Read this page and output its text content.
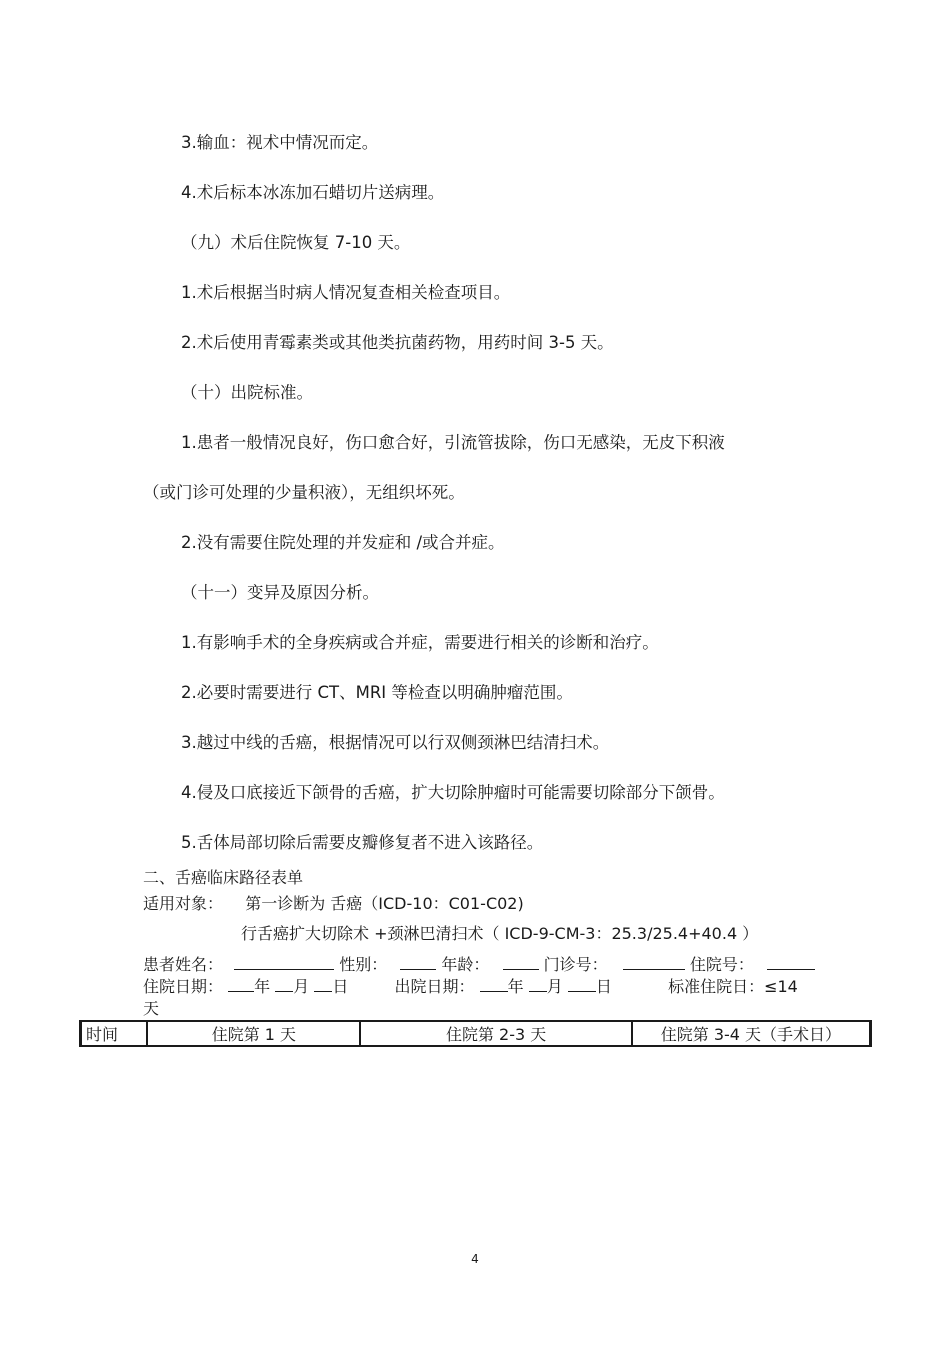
3.输血：视术中情况而定。
4.术后标本冰冻加石蜡切片送病理。
（九）术后住院恢复 7-10 天。
1.术后根据当时病人情况复查相关检查项目。
2.术后使用青霉素类或其他类抗菌药物，用药时间 3-5 天。
（十）出院标准。
1.患者一般情况良好，伤口愈合好，引流管拔除，伤口无感染，无皮下积液
（或门诊可处理的少量积液），无组织坏死。
2.没有需要住院处理的并发症和 /或合并症。
（十一）变异及原因分析。
1.有影响手术的全身疾病或合并症，需要进行相关的诊断和治疗。
2.必要时需要进行 CT、MRI 等检查以明确肿瘤范围。
3.越过中线的舌癌，根据情况可以行双侧颈淋巴结清扫术。
4.侵及口底接近下颌骨的舌癌，扩大切除肿瘤时可能需要切除部分下颌骨。
5.舌体局部切除后需要皮瓣修复者不进入该路径。
二、舌癌临床路径表单
适用对象： 第一诊断为 舌癌（ICD-10：C01-C02)
行舌癌扩大切除术 +颈淋巴清扫术（ ICD-9-CM-3：25.3/25.4+40.4 ）
患者姓名：	性别：	年龄：	门诊号：	住院号：
住院日期： 年 月 日	出院日期： 年 月 日	标准住院日：≤14
天
时间	住院第 1 天	住院第 2-3 天	住院第 3-4 天（手术日）
4
